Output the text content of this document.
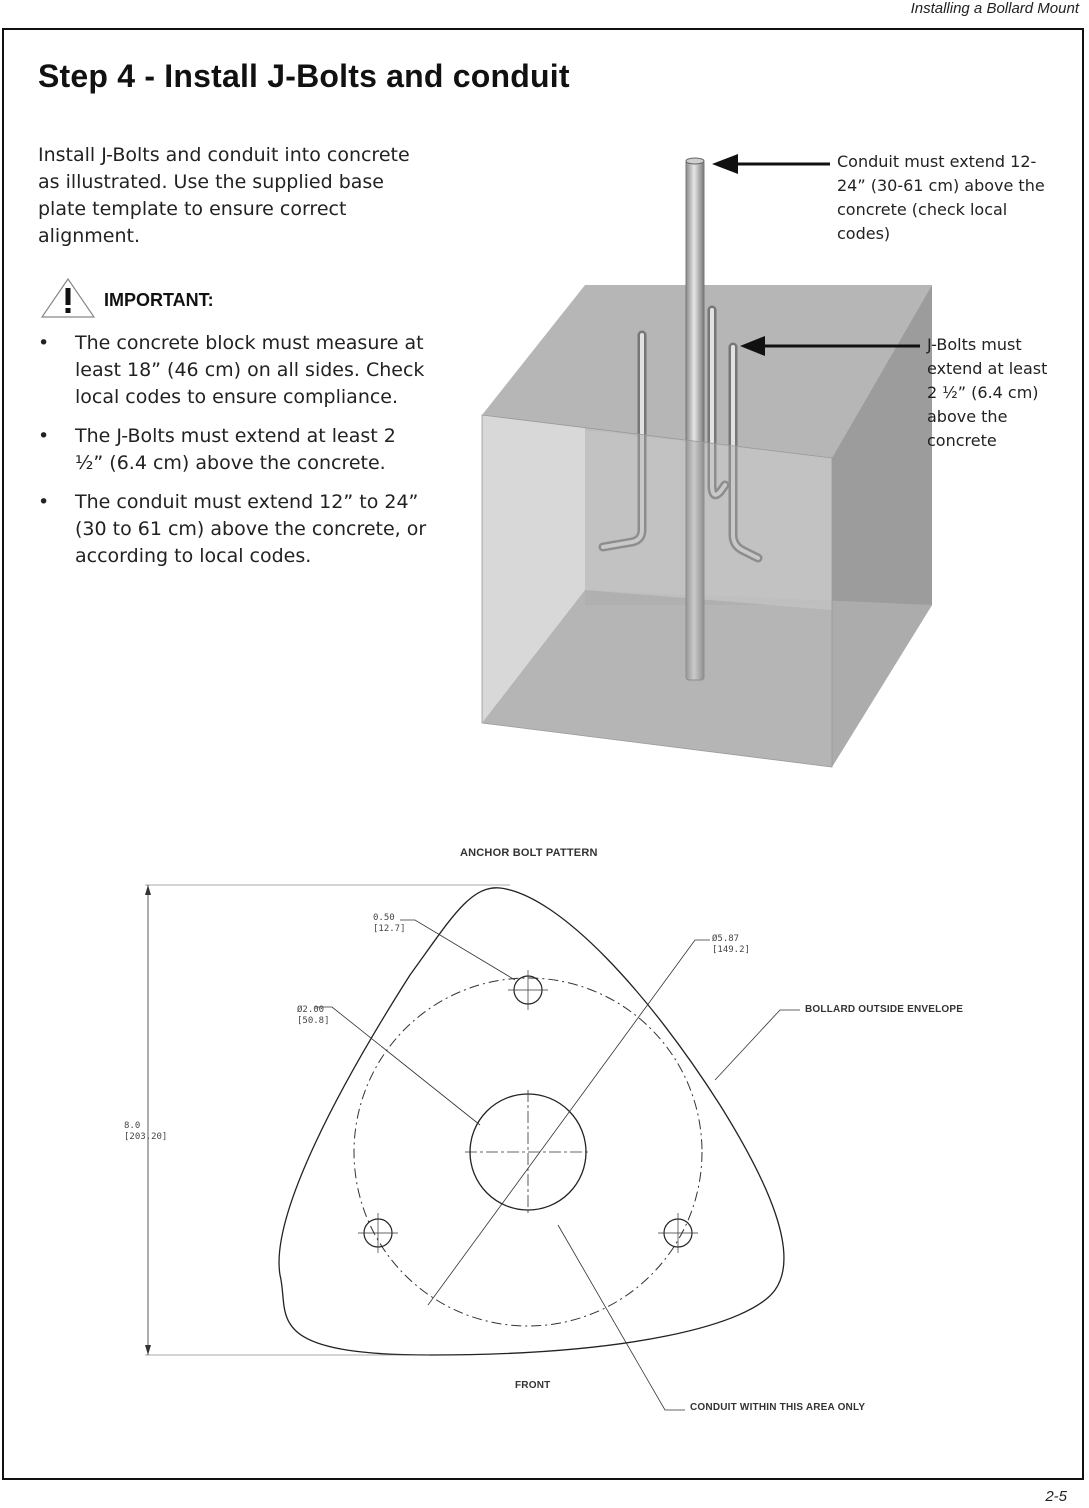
Installing a Bollard Mount
Step 4 - Install J-Bolts and conduit

Install J-Bolts and conduit into concrete as illustrated. Use the supplied base plate template to ensure correct alignment.

IMPORTANT:
• The concrete block must measure at least 18” (46 cm) on all sides. Check local codes to ensure compliance.
• The J-Bolts must extend at least 2 ½” (6.4 cm) above the concrete.
• The conduit must extend 12” to 24” (30 to 61 cm) above the concrete, or according to local codes.
Conduit must extend 12-24” (30-61 cm) above the concrete (check local codes)
J-Bolts must extend at least 2 ½” (6.4 cm) above the concrete
ANCHOR BOLT PATTERN
0.50
[12.7]
Ø5.87
[149.2]
Ø2.00
[50.8]
8.0
[203.20]
BOLLARD OUTSIDE ENVELOPE
FRONT
CONDUIT WITHIN THIS AREA ONLY
2-5
